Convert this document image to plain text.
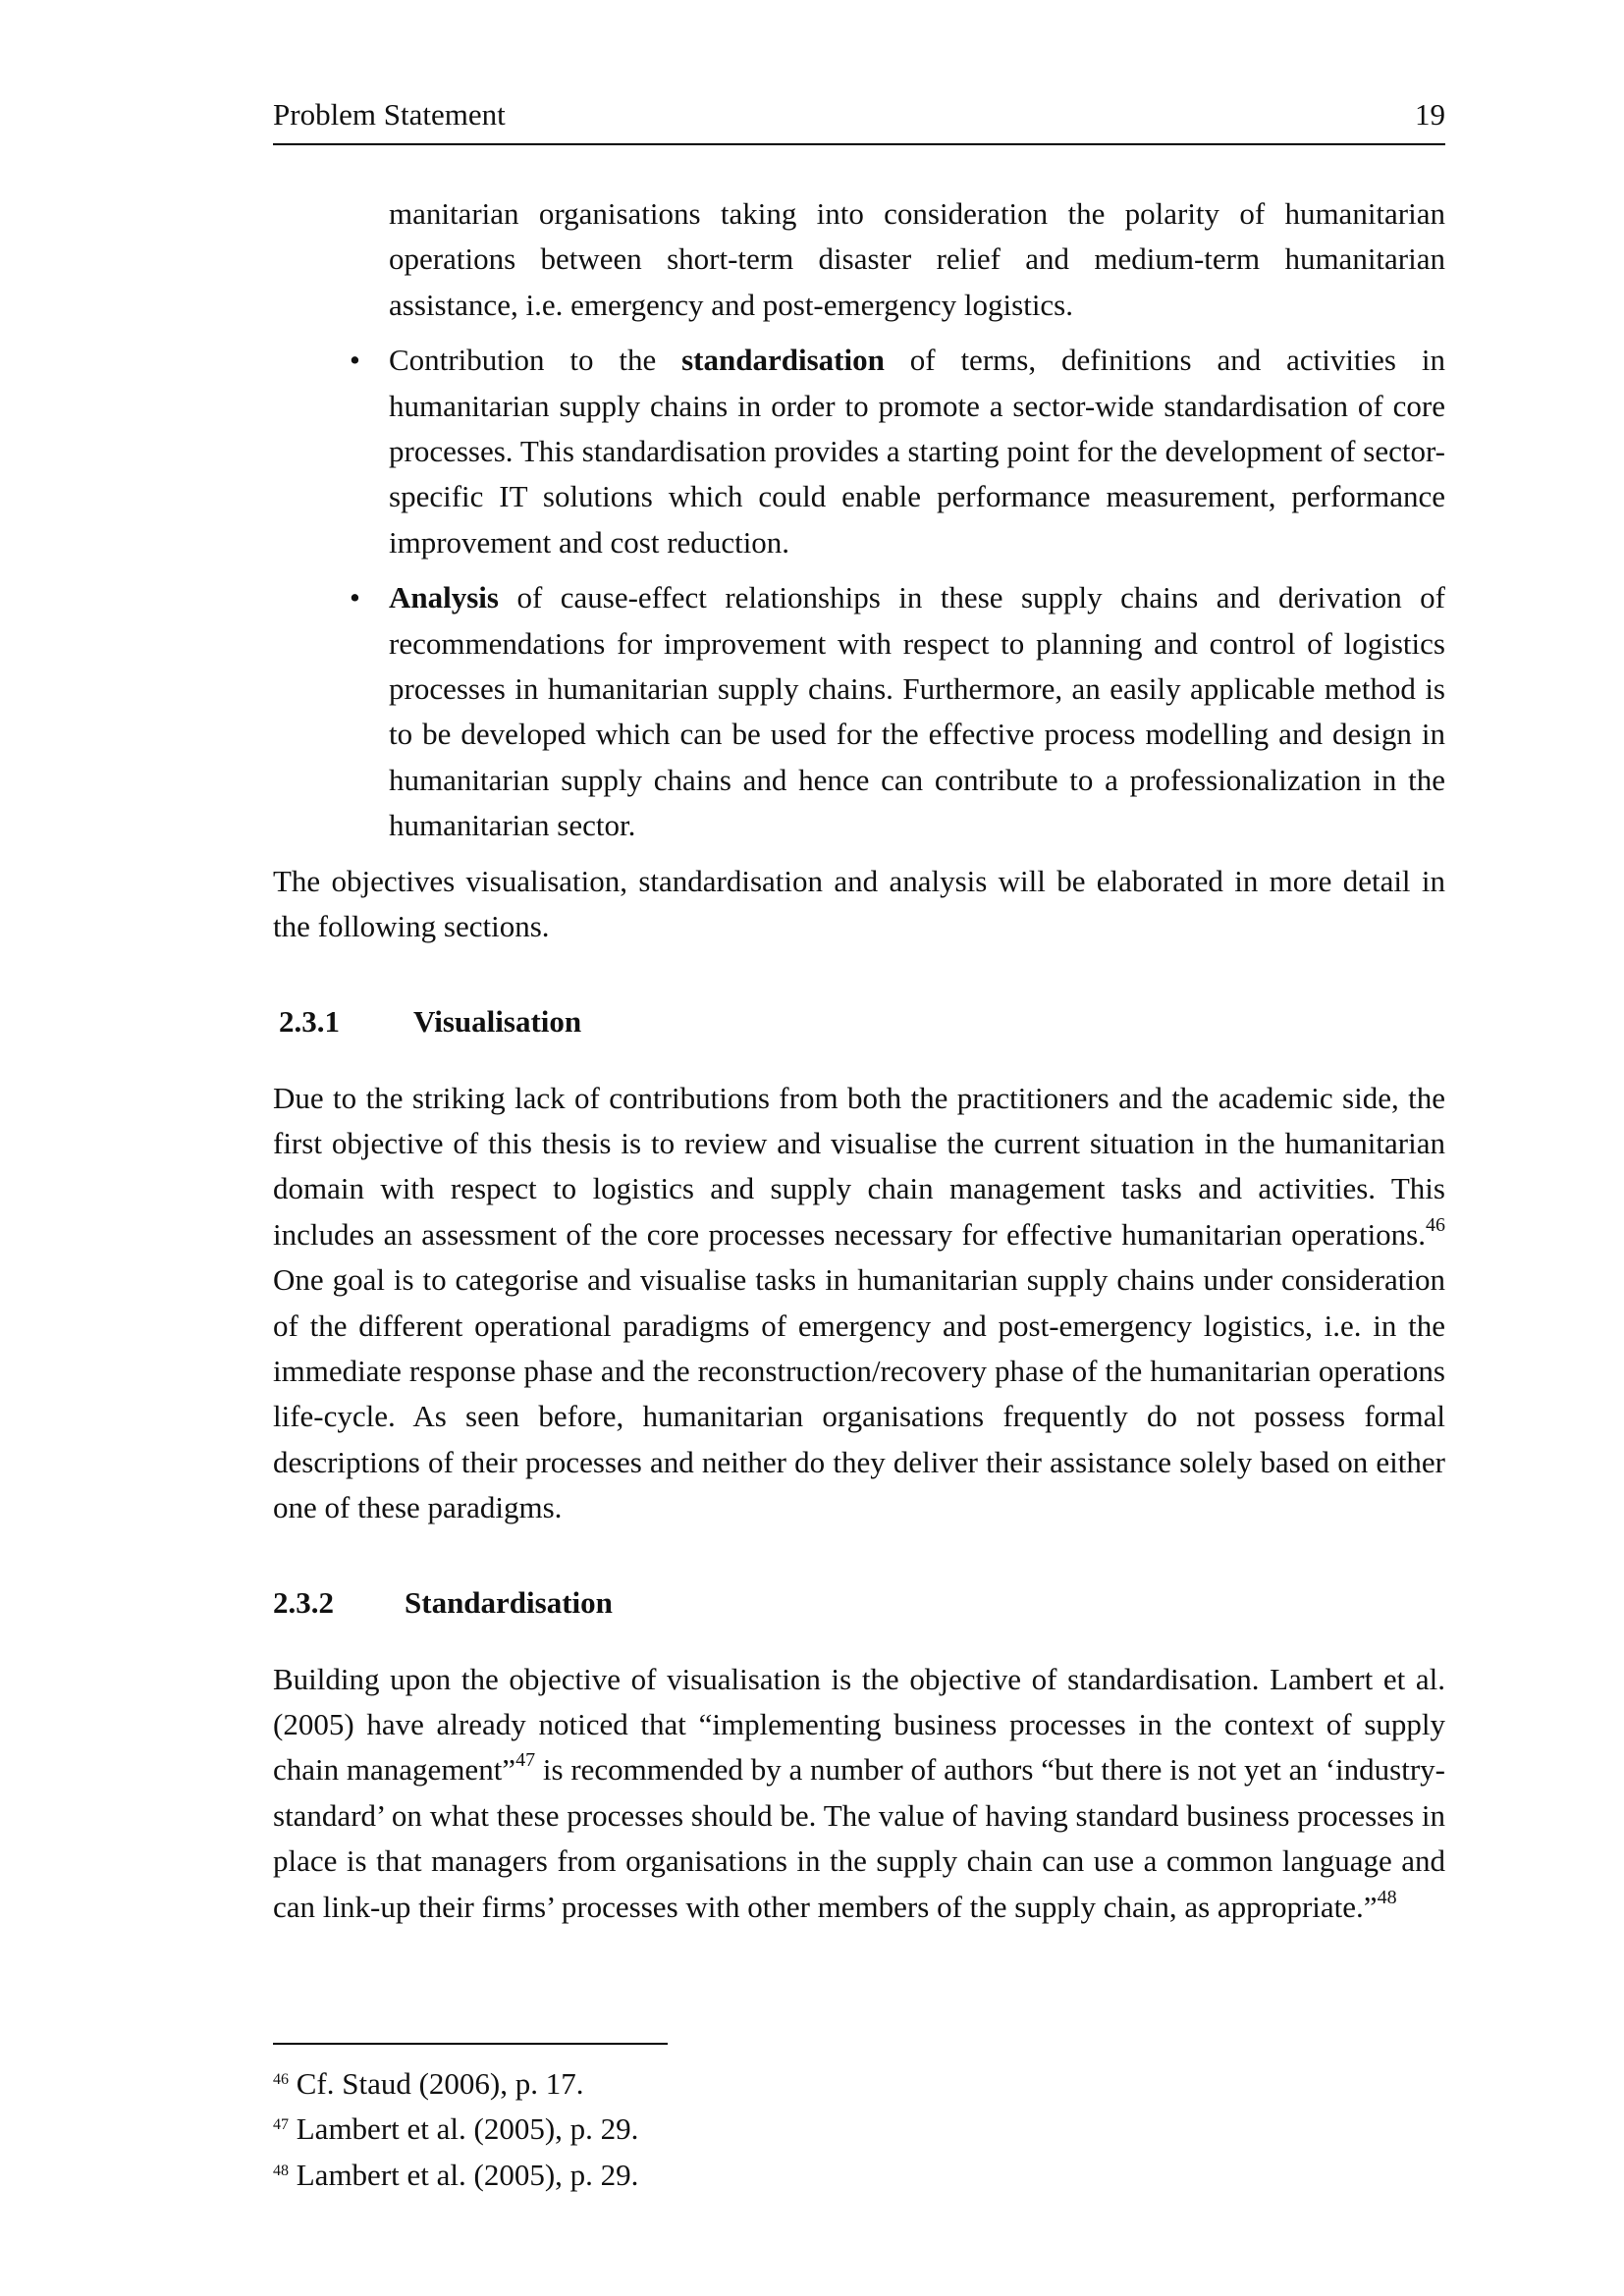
Problem Statement	19

manitarian organisations taking into consideration the polarity of humanitarian operations between short-term disaster relief and medium-term humanitarian assistance, i.e. emergency and post-emergency logistics.

• Contribution to the standardisation of terms, definitions and activities in humanitarian supply chains in order to promote a sector-wide standardisation of core processes. This standardisation provides a starting point for the development of sector-specific IT solutions which could enable performance measurement, performance improvement and cost reduction.

• Analysis of cause-effect relationships in these supply chains and derivation of recommendations for improvement with respect to planning and control of logistics processes in humanitarian supply chains. Furthermore, an easily applicable method is to be developed which can be used for the effective process modelling and design in humanitarian supply chains and hence can contribute to a professionalization in the humanitarian sector.

The objectives visualisation, standardisation and analysis will be elaborated in more detail in the following sections.

2.3.1	Visualisation

Due to the striking lack of contributions from both the practitioners and the academic side, the first objective of this thesis is to review and visualise the current situation in the humanitarian domain with respect to logistics and supply chain management tasks and activities. This includes an assessment of the core processes necessary for effective humanitarian operations.$^{46}$ One goal is to categorise and visualise tasks in humanitarian supply chains under consideration of the different operational paradigms of emergency and post-emergency logistics, i.e. in the immediate response phase and the reconstruction/recovery phase of the humanitarian operations life-cycle. As seen before, humanitarian organisations frequently do not possess formal descriptions of their processes and neither do they deliver their assistance solely based on either one of these paradigms.

2.3.2	Standardisation

Building upon the objective of visualisation is the objective of standardisation. Lambert et al. (2005) have already noticed that “implementing business processes in the context of supply chain management”$^{47}$ is recommended by a number of authors “but there is not yet an ‘industry-standard’ on what these processes should be. The value of having standard business processes in place is that managers from organisations in the supply chain can use a common language and can link-up their firms’ processes with other members of the supply chain, as appropriate.”$^{48}$

$^{46}$ Cf. Staud (2006), p. 17.

$^{47}$ Lambert et al. (2005), p. 29.

$^{48}$ Lambert et al. (2005), p. 29.
